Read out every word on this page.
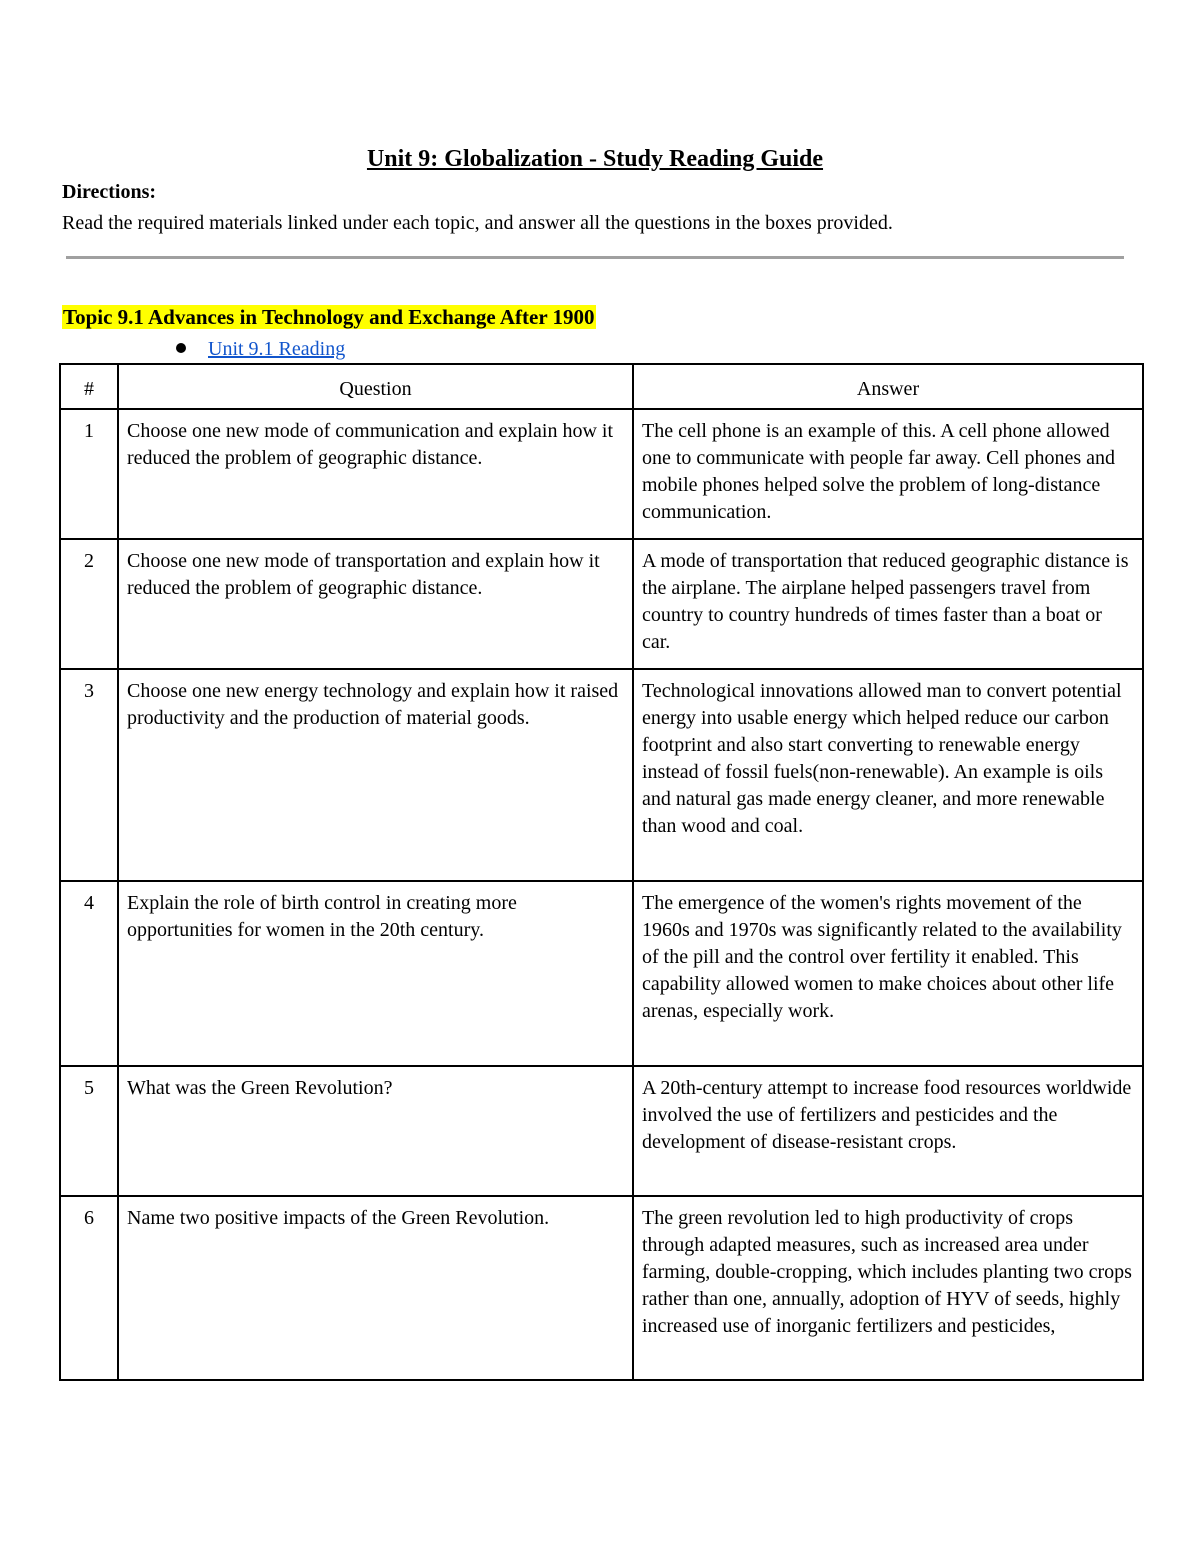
Unit 9: Globalization - Study Reading Guide
Directions:
Read the required materials linked under each topic, and answer all the questions in the boxes provided.
Topic 9.1 Advances in Technology and Exchange After 1900
Unit 9.1 Reading
#	Question	Answer
1	Choose one new mode of communication and explain how it reduced the problem of geographic distance.	The cell phone is an example of this. A cell phone allowed one to communicate with people far away. Cell phones and mobile phones helped solve the problem of long-distance communication.
2	Choose one new mode of transportation and explain how it reduced the problem of geographic distance.	A mode of transportation that reduced geographic distance is the airplane. The airplane helped passengers travel from country to country hundreds of times faster than a boat or car.
3	Choose one new energy technology and explain how it raised productivity and the production of material goods.	Technological innovations allowed man to convert potential energy into usable energy which helped reduce our carbon footprint and also start converting to renewable energy instead of fossil fuels(non-renewable). An example is oils and natural gas made energy cleaner, and more renewable than wood and coal.
4	Explain the role of birth control in creating more opportunities for women in the 20th century.	The emergence of the women's rights movement of the 1960s and 1970s was significantly related to the availability of the pill and the control over fertility it enabled. This capability allowed women to make choices about other life arenas, especially work.
5	What was the Green Revolution?	A 20th-century attempt to increase food resources worldwide involved the use of fertilizers and pesticides and the development of disease-resistant crops.
6	Name two positive impacts of the Green Revolution.	The green revolution led to high productivity of crops through adapted measures, such as increased area under farming, double-cropping, which includes planting two crops rather than one, annually, adoption of HYV of seeds, highly increased use of inorganic fertilizers and pesticides,
